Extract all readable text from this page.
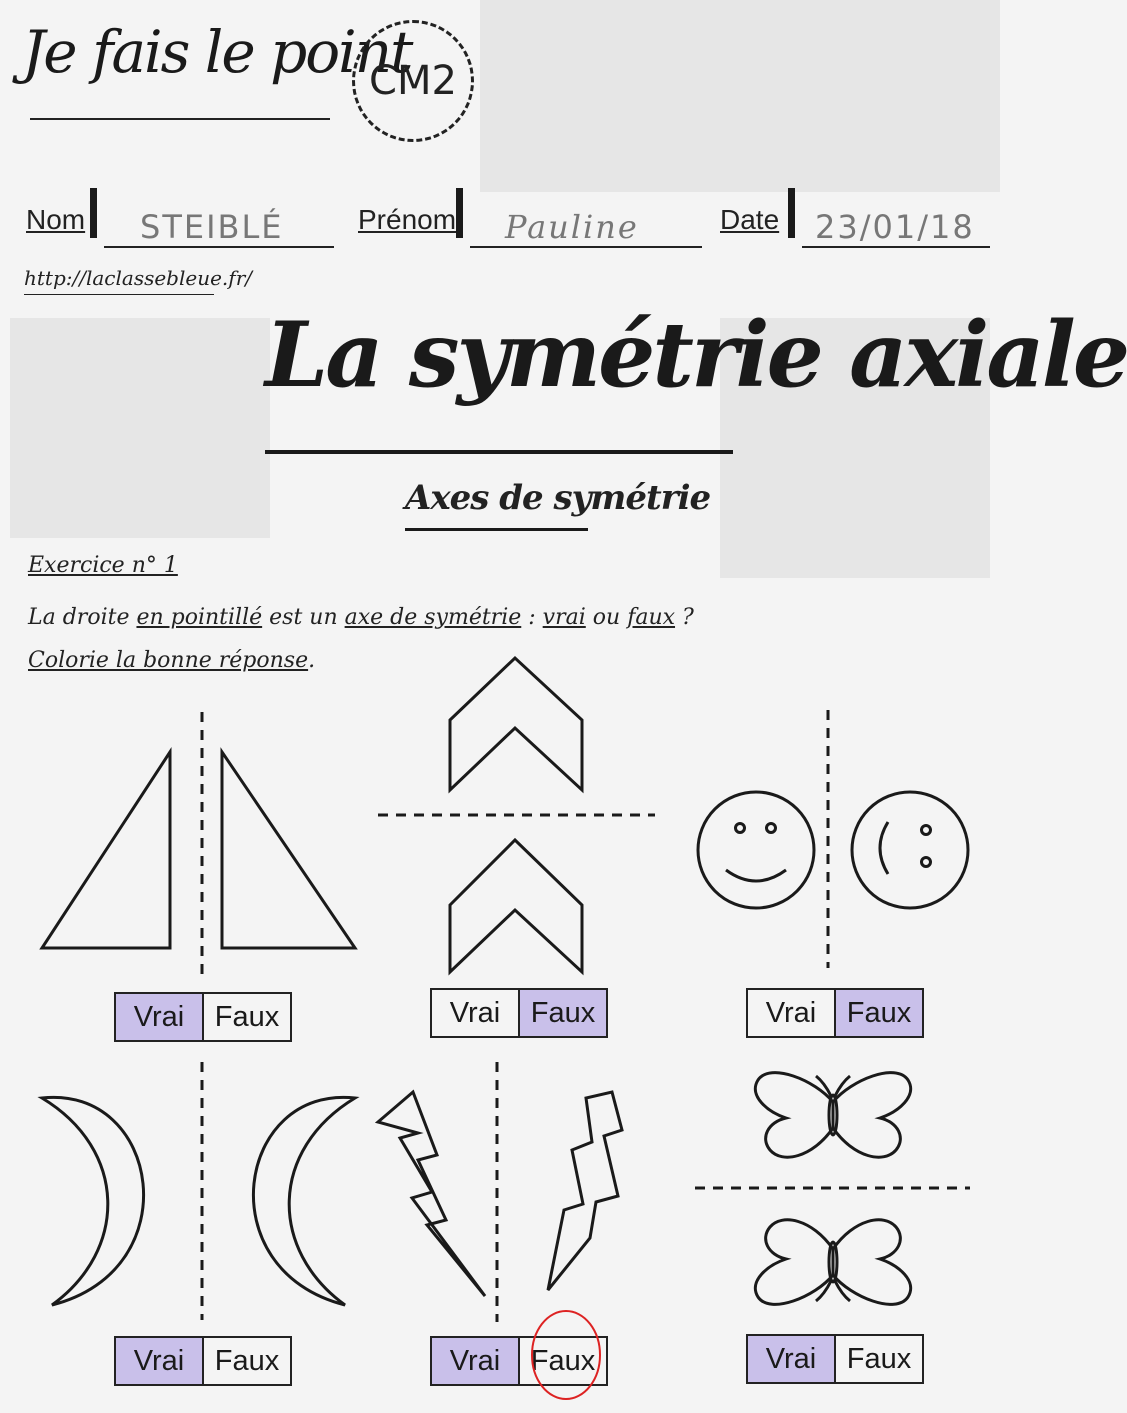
Je fais le point
CM2
Nom STEIBLÉ	Prénom Pauline	Date 23/01/18
http://laclassebleue.fr/
La symétrie axiale
Axes de symétrie
Exercice n° 1
La droite en pointillé est un axe de symétrie : vrai ou faux ?
Colorie la bonne réponse.
Vrai	Faux	Vrai	Faux	Vrai	Faux
Vrai	Faux	Vrai	Faux	Vrai	Faux
